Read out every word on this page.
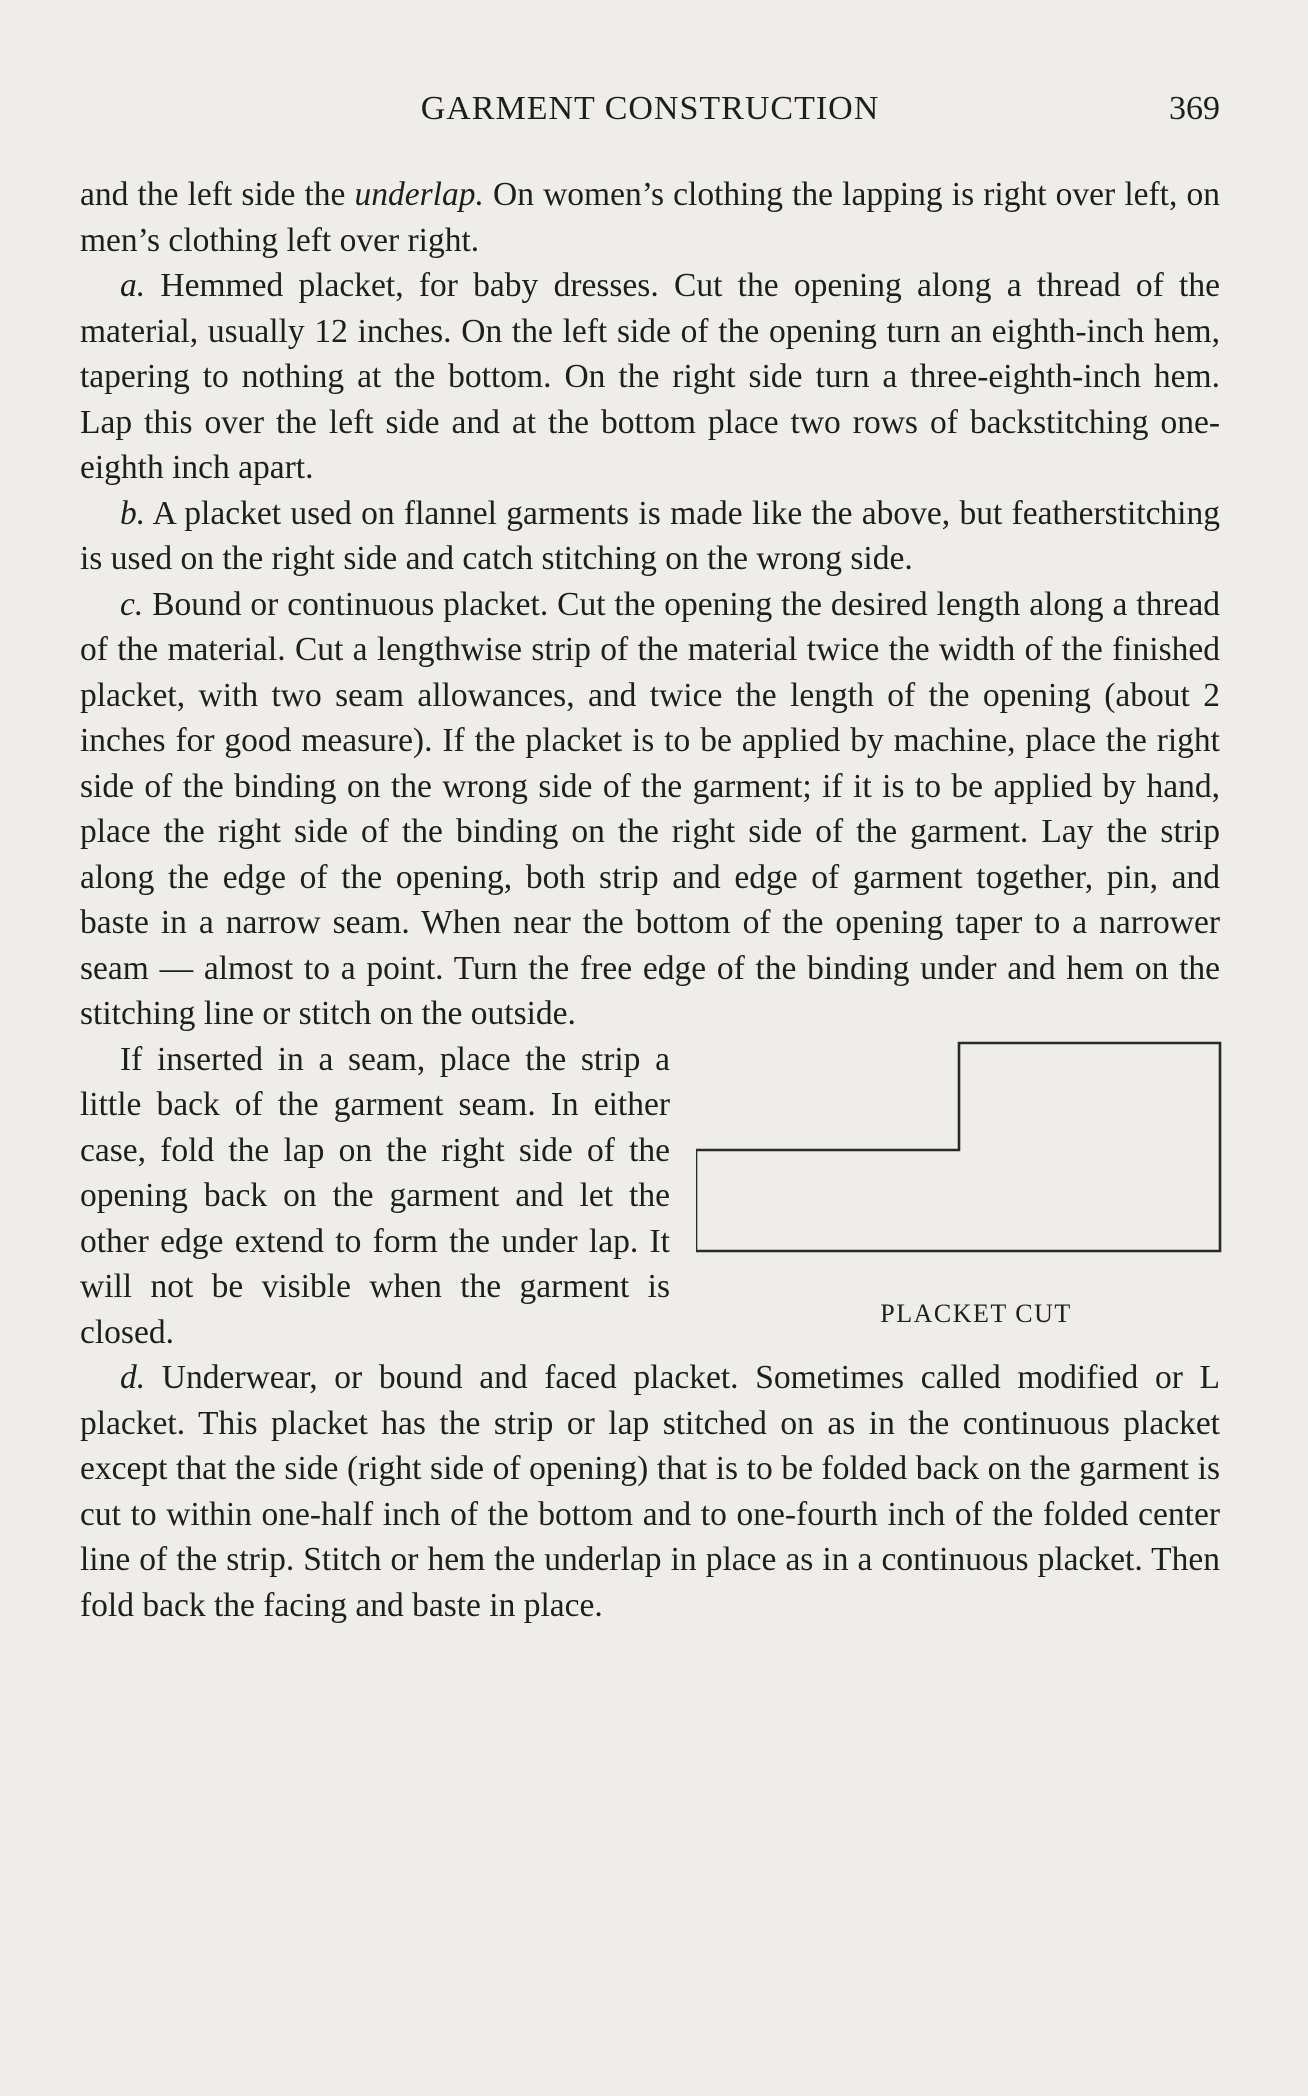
GARMENT CONSTRUCTION	369

and the left side the underlap. On women’s clothing the lapping is right over left, on men’s clothing left over right.

a. Hemmed placket, for baby dresses. Cut the opening along a thread of the material, usually 12 inches. On the left side of the opening turn an eighth-inch hem, tapering to nothing at the bottom. On the right side turn a three-eighth-inch hem. Lap this over the left side and at the bottom place two rows of backstitching one-eighth inch apart.

b. A placket used on flannel garments is made like the above, but featherstitching is used on the right side and catch stitching on the wrong side.

c. Bound or continuous placket. Cut the opening the desired length along a thread of the material. Cut a lengthwise strip of the material twice the width of the finished placket, with two seam allowances, and twice the length of the opening (about 2 inches for good measure). If the placket is to be applied by machine, place the right side of the binding on the wrong side of the garment; if it is to be applied by hand, place the right side of the binding on the right side of the garment. Lay the strip along the edge of the opening, both strip and edge of garment together, pin, and baste in a narrow seam. When near the bottom of the opening taper to a narrower seam — almost to a point. Turn the free edge of the binding under and hem on the stitching line or stitch on the outside.

PLACKET CUT

If inserted in a seam, place the strip a little back of the garment seam. In either case, fold the lap on the right side of the opening back on the garment and let the other edge extend to form the under lap. It will not be visible when the garment is closed.

d. Underwear, or bound and faced placket. Sometimes called modified or L placket. This placket has the strip or lap stitched on as in the continuous placket except that the side (right side of opening) that is to be folded back on the garment is cut to within one-half inch of the bottom and to one-fourth inch of the folded center line of the strip. Stitch or hem the underlap in place as in a continuous placket. Then fold back the facing and baste in place.
